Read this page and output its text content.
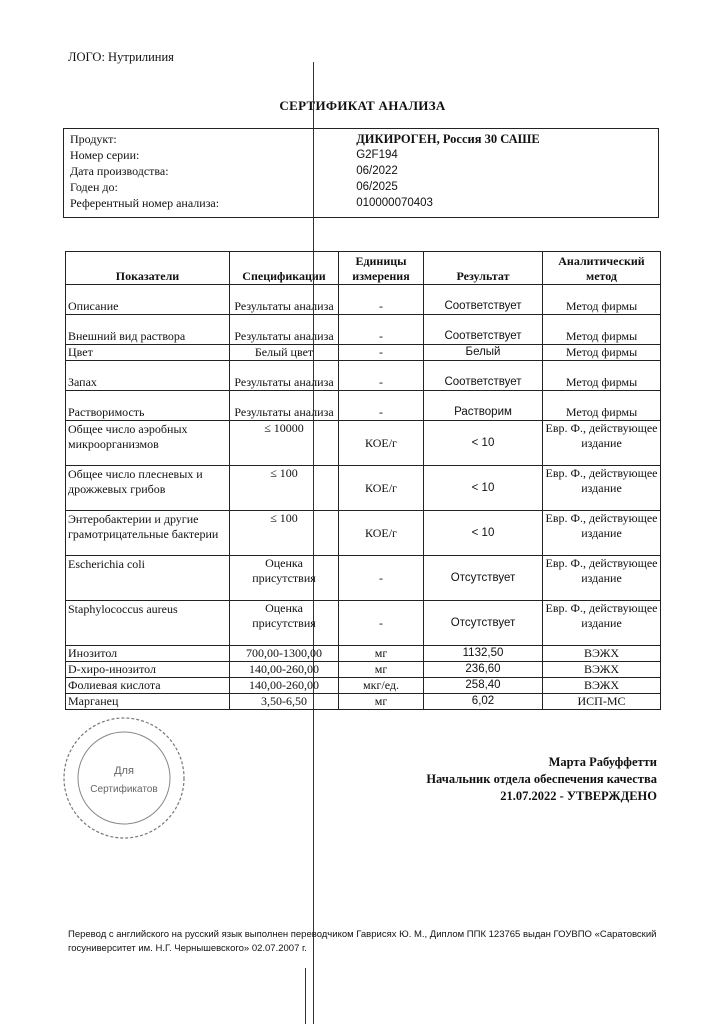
ЛОГО: Нутрилиния
СЕРТИФИКАТ АНАЛИЗА
Продукт:	ДИКИРОГЕН, Россия 30 САШЕ
Номер серии:	G2F194
Дата производства:	06/2022
Годен до:	06/2025
Референтный номер анализа:	010000070403
Показатели	Спецификации	Единицы измерения	Результат	Аналитический метод
Описание	Результаты анализа	-	Соответствует	Метод фирмы
Внешний вид раствора	Результаты анализа	-	Соответствует	Метод фирмы
Цвет	Белый цвет	-	Белый	Метод фирмы
Запах	Результаты анализа	-	Соответствует	Метод фирмы
Растворимость	Результаты анализа	-	Растворим	Метод фирмы
Общее число аэробных микроорганизмов	≤ 10000	КОЕ/г	< 10	Евр. Ф., действующее издание
Общее число плесневых и дрожжевых грибов	≤ 100	КОЕ/г	< 10	Евр. Ф., действующее издание
Энтеробактерии и другие грамотрицательные бактерии	≤ 100	КОЕ/г	< 10	Евр. Ф., действующее издание
Escherichia coli	Оценка присутствия	-	Отсутствует	Евр. Ф., действующее издание
Staphylococcus aureus	Оценка присутствия	-	Отсутствует	Евр. Ф., действующее издание
Инозитол	700,00-1300,00	мг	1132,50	ВЭЖХ
D-хиро-инозитол	140,00-260,00	мг	236,60	ВЭЖХ
Фолиевая кислота	140,00-260,00	мкг/ед.	258,40	ВЭЖХ
Марганец	3,50-6,50	мг	6,02	ИСП-МС
Для
Сертификатов
Марта Рабуффетти
Начальник отдела обеспечения качества
21.07.2022 - УТВЕРЖДЕНО
Перевод с английского на русский язык выполнен переводчиком Гаврисях Ю. М., Диплом ППК 123765 выдан ГОУВПО «Саратовский госуниверситет им. Н.Г. Чернышевского» 02.07.2007 г.
